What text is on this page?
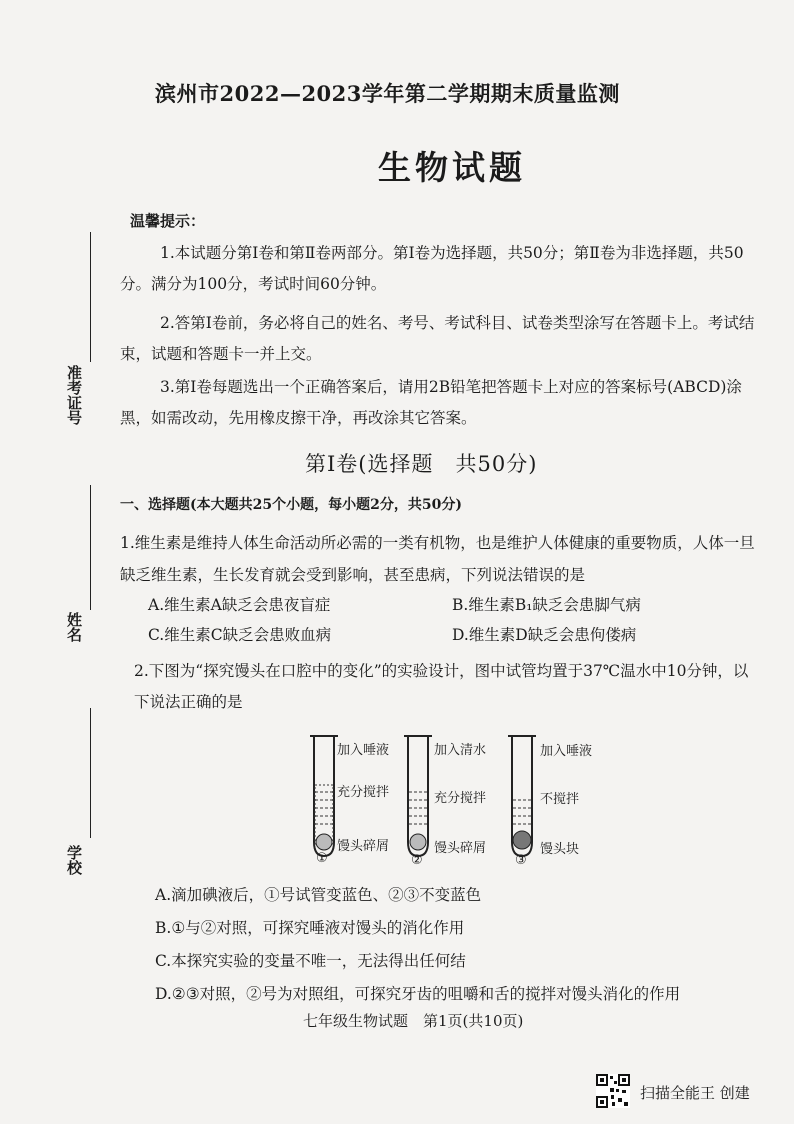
滨州市2022—2023学年第二学期期末质量监测
生物试题
温馨提示：
1.本试题分第Ⅰ卷和第Ⅱ卷两部分。第Ⅰ卷为选择题，共50分；第Ⅱ卷为非选择题，共50分。满分为100分，考试时间60分钟。
2.答第Ⅰ卷前，务必将自己的姓名、考号、考试科目、试卷类型涂写在答题卡上。考试结束，试题和答题卡一并上交。
3.第Ⅰ卷每题选出一个正确答案后，请用2B铅笔把答题卡上对应的答案标号(ABCD)涂黑，如需改动，先用橡皮擦干净，再改涂其它答案。
准考证号
姓名
学校
第Ⅰ卷(选择题　共50分)
一、选择题(本大题共25个小题，每小题2分，共50分)
1.维生素是维持人体生命活动所必需的一类有机物，也是维护人体健康的重要物质，人体一旦缺乏维生素，生长发育就会受到影响，甚至患病，下列说法错误的是
A.维生素A缺乏会患夜盲症	B.维生素B₁缺乏会患脚气病
C.维生素C缺乏会患败血病	D.维生素D缺乏会患佝偻病
2.下图为“探究馒头在口腔中的变化”的实验设计，图中试管均置于37℃温水中10分钟，以下说法正确的是
加入唾液
充分搅拌
馒头碎屑
①
加入清水
充分搅拌
馒头碎屑
②
加入唾液
不搅拌
馒头块
③
A.滴加碘液后，①号试管变蓝色、②③不变蓝色
B.①与②对照，可探究唾液对馒头的消化作用
C.本探究实验的变量不唯一，无法得出任何结
D.②③对照，②号为对照组，可探究牙齿的咀嚼和舌的搅拌对馒头消化的作用
七年级生物试题　第1页(共10页)
扫描全能王 创建
